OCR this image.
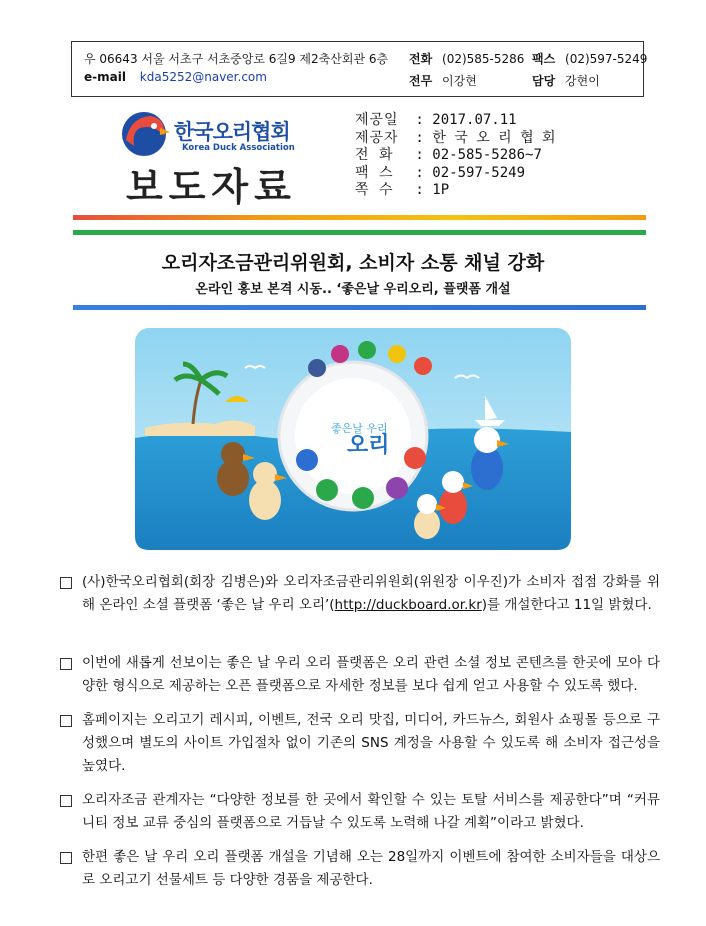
우 06643 서울 서초구 서초중앙로 6길9 제2축산회관 6층
e-mail kda5252@naver.com
전화 (02)585-5286 팩스 (02)597-5249
전무 이강현	담당 강현이
한국오리협회
Korea Duck Association
보도자료
제공일 : 2017.07.11
제공자 : 한 국 오 리 협 회
전 화 : 02-585-5286~7
팩 스 : 02-597-5249
쪽 수 : 1P
오리자조금관리위원회, 소비자 소통 채널 강화
온라인 홍보 본격 시동.. ‘좋은날 우리오리, 플랫폼 개설
좋은날 우리
오리
(사)한국오리협회(회장 김병은)와 오리자조금관리위원회(위원장 이우진)가 소비자 접점 강화를 위해 온라인 소셜 플랫폼 ‘좋은 날 우리 오리’(http://duckboard.or.kr)를 개설한다고 11일 밝혔다.
이번에 새롭게 선보이는 좋은 날 우리 오리 플랫폼은 오리 관련 소셜 정보 콘텐츠를 한곳에 모아 다양한 형식으로 제공하는 오픈 플랫폼으로 자세한 정보를 보다 쉽게 얻고 사용할 수 있도록 했다.
홈페이지는 오리고기 레시피, 이벤트, 전국 오리 맛집, 미디어, 카드뉴스, 회원사 쇼핑몰 등으로 구성했으며 별도의 사이트 가입절차 없이 기존의 SNS 계정을 사용할 수 있도록 해 소비자 접근성을 높였다.
오리자조금 관계자는 “다양한 정보를 한 곳에서 확인할 수 있는 토탈 서비스를 제공한다”며 “커뮤니티 정보 교류 중심의 플랫폼으로 거듭날 수 있도록 노력해 나갈 계획”이라고 밝혔다.
한편 좋은 날 우리 오리 플랫폼 개설을 기념해 오는 28일까지 이벤트에 참여한 소비자들을 대상으로 오리고기 선물세트 등 다양한 경품을 제공한다.
